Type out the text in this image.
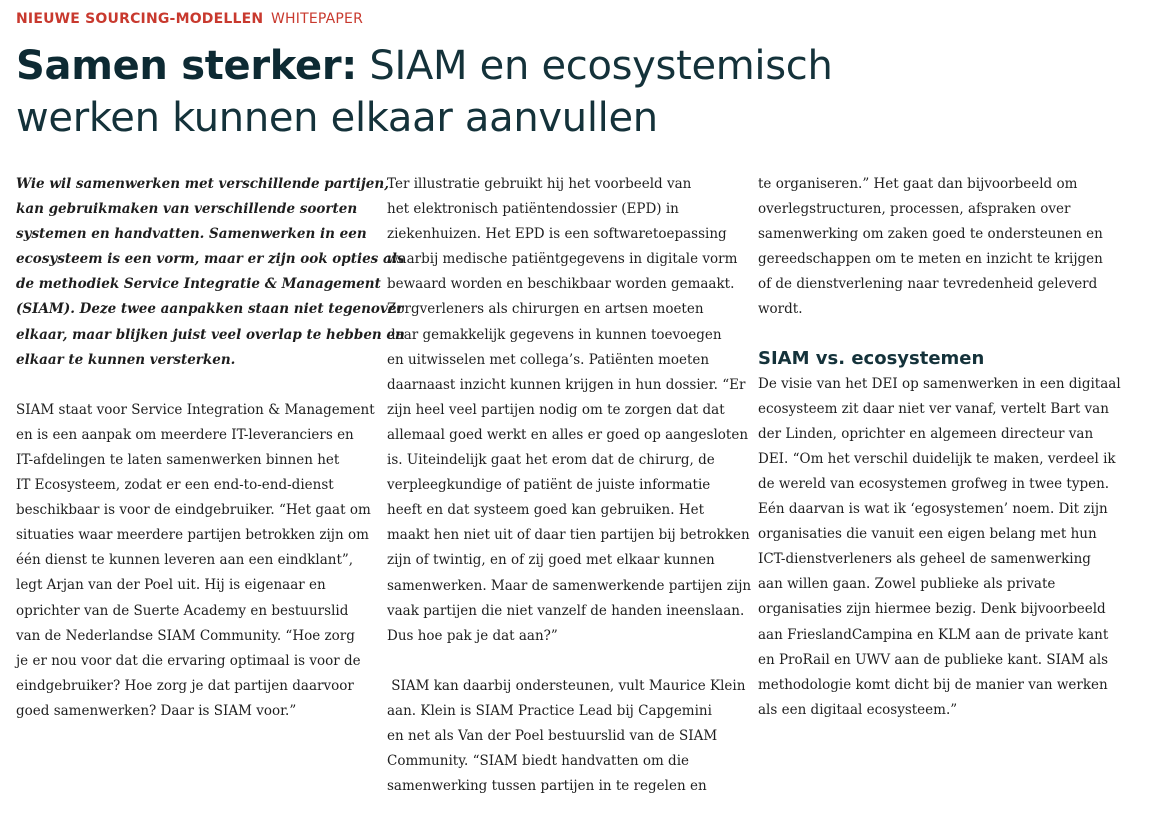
NIEUWE SOURCING-MODELLEN WHITEPAPER
Samen sterker: SIAM en ecosystemisch
werken kunnen elkaar aanvullen

Wie wil samenwerken met verschillende partijen,

kan gebruikmaken van verschillende soorten

systemen en handvatten. Samenwerken in een

ecosysteem is een vorm, maar er zijn ook opties als

de methodiek Service Integratie & Management

(SIAM). Deze twee aanpakken staan niet tegenover

elkaar, maar blijken juist veel overlap te hebben en

elkaar te kunnen versterken.

SIAM staat voor Service Integration & Management

en is een aanpak om meerdere IT-leveranciers en

IT-afdelingen te laten samenwerken binnen het

IT Ecosysteem, zodat er een end-to-end-dienst

beschikbaar is voor de eindgebruiker. “Het gaat om

situaties waar meerdere partijen betrokken zijn om

één dienst te kunnen leveren aan een eindklant”,

legt Arjan van der Poel uit. Hij is eigenaar en

oprichter van de Suerte Academy en bestuurslid

van de Nederlandse SIAM Community. “Hoe zorg

je er nou voor dat die ervaring optimaal is voor de

eindgebruiker? Hoe zorg je dat partijen daarvoor

goed samenwerken? Daar is SIAM voor.”

Ter illustratie gebruikt hij het voorbeeld van

het elektronisch patiëntendossier (EPD) in

ziekenhuizen. Het EPD is een softwaretoepassing

waarbij medische patiëntgegevens in digitale vorm

bewaard worden en beschikbaar worden gemaakt.

Zorgverleners als chirurgen en artsen moeten

daar gemakkelijk gegevens in kunnen toevoegen

en uitwisselen met collega’s. Patiënten moeten

daarnaast inzicht kunnen krijgen in hun dossier. “Er

zijn heel veel partijen nodig om te zorgen dat dat

allemaal goed werkt en alles er goed op aangesloten

is. Uiteindelijk gaat het erom dat de chirurg, de

verpleegkundige of patiënt de juiste informatie

heeft en dat systeem goed kan gebruiken. Het

maakt hen niet uit of daar tien partijen bij betrokken

zijn of twintig, en of zij goed met elkaar kunnen

samenwerken. Maar de samenwerkende partijen zijn

vaak partijen die niet vanzelf de handen ineenslaan.

Dus hoe pak je dat aan?”

SIAM kan daarbij ondersteunen, vult Maurice Klein

aan. Klein is SIAM Practice Lead bij Capgemini

en net als Van der Poel bestuurslid van de SIAM

Community. “SIAM biedt handvatten om die

samenwerking tussen partijen in te regelen en

te organiseren.” Het gaat dan bijvoorbeeld om

overlegstructuren, processen, afspraken over

samenwerking om zaken goed te ondersteunen en

gereedschappen om te meten en inzicht te krijgen

of de dienstverlening naar tevredenheid geleverd

wordt.

SIAM vs. ecosystemen

De visie van het DEI op samenwerken in een digitaal

ecosysteem zit daar niet ver vanaf, vertelt Bart van

der Linden, oprichter en algemeen directeur van

DEI. “Om het verschil duidelijk te maken, verdeel ik

de wereld van ecosystemen grofweg in twee typen.

Eén daarvan is wat ik ‘egosystemen’ noem. Dit zijn

organisaties die vanuit een eigen belang met hun

ICT-dienstverleners als geheel de samenwerking

aan willen gaan. Zowel publieke als private

organisaties zijn hiermee bezig. Denk bijvoorbeeld

aan FrieslandCampina en KLM aan de private kant

en ProRail en UWV aan de publieke kant. SIAM als

methodologie komt dicht bij de manier van werken

als een digitaal ecosysteem.”
